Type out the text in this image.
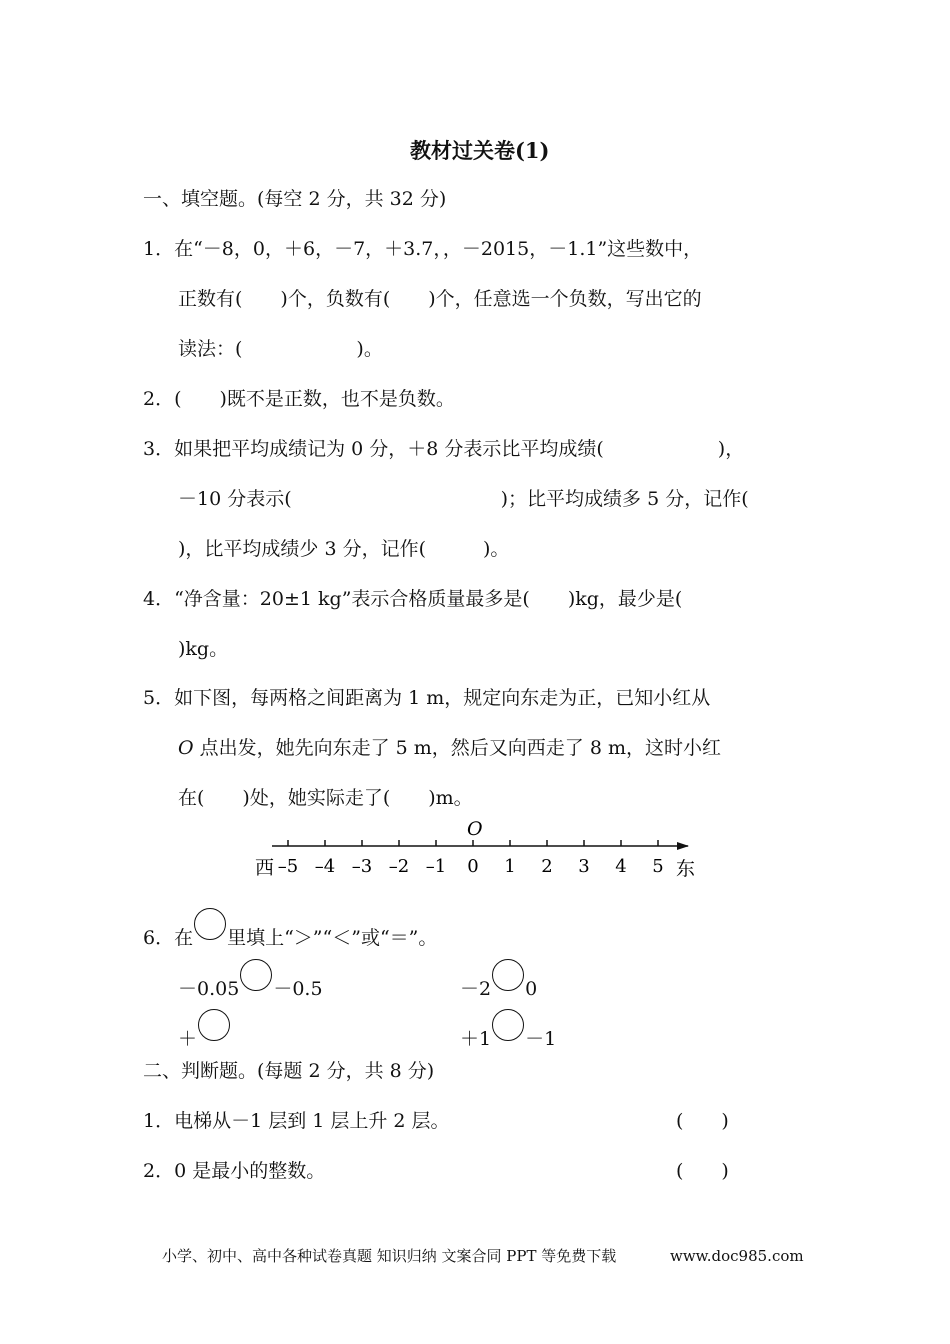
教材过关卷(1)
一、填空题。(每空 2 分，共 32 分)
1．在“－8，0，＋6，－7，＋3.7，，－2015，－1.1”这些数中，
正数有(　　)个，负数有(　　)个，任意选一个负数，写出它的
读法：(　　　　　　)。
2．(　　)既不是正数，也不是负数。
3．如果把平均成绩记为 0 分，＋8 分表示比平均成绩(　　　　　　)，
－10 分表示(　　　　　　　　　　　)；比平均成绩多 5 分，记作(
)，比平均成绩少 3 分，记作(　　　)。
4．“净含量：20±1 kg”表示合格质量最多是(　　)kg，最少是(
)kg。
5．如下图，每两格之间距离为 1 m，规定向东走为正，已知小红从
O 点出发，她先向东走了 5 m，然后又向西走了 8 m，这时小红
在(　　)处，她实际走了(　　)m。
–5 –4 –3 –2 –1 0 1 2 3 4 5
O
西	东
6．在 里填上“＞”“＜”或“＝”。
－0.05 －0.5	－2 0
＋	＋1 －1
二、判断题。(每题 2 分，共 8 分)
1．电梯从－1 层到 1 层上升 2 层。	(　　)
2．0 是最小的整数。	(　　)
小学、初中、高中各种试卷真题 知识归纳 文案合同 PPT 等免费下载	www.doc985.com
